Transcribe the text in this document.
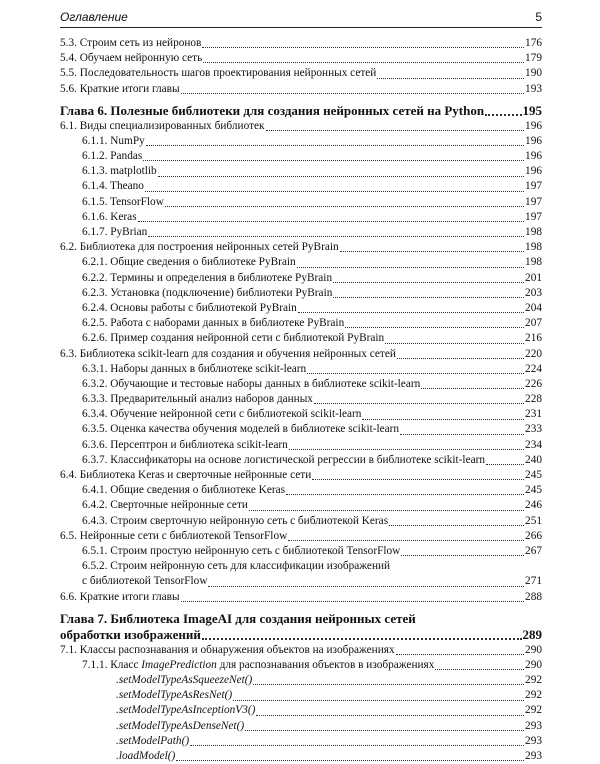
Оглавление	5
5.3. Строим сеть из нейронов	176
5.4. Обучаем нейронную сеть	179
5.5. Последовательность шагов проектирования нейронных сетей	190
5.6. Краткие итоги главы	193
Глава 6. Полезные библиотеки для создания нейронных сетей на Python	195
6.1. Виды специализированных библиотек	196
6.1.1. NumPy	196
6.1.2. Pandas	196
6.1.3. matplotlib	196
6.1.4. Theano	197
6.1.5. TensorFlow	197
6.1.6. Keras	197
6.1.7. PyBrian	198
6.2. Библиотека для построения нейронных сетей PyBrain	198
6.2.1. Общие сведения о библиотеке PyBrain	198
6.2.2. Термины и определения в библиотеке PyBrain	201
6.2.3. Установка (подключение) библиотеки PyBrain	203
6.2.4. Основы работы с библиотекой PyBrain	204
6.2.5. Работа с наборами данных в библиотеке PyBrain	207
6.2.6. Пример создания нейронной сети с библиотекой PyBrain	216
6.3. Библиотека scikit-learn для создания и обучения нейронных сетей	220
6.3.1. Наборы данных в библиотеке scikit-learn	224
6.3.2. Обучающие и тестовые наборы данных в библиотеке scikit-learn	226
6.3.3. Предварительный анализ наборов данных	228
6.3.4. Обучение нейронной сети с библиотекой scikit-learn	231
6.3.5. Оценка качества обучения моделей в библиотеке scikit-learn	233
6.3.6. Персептрон и библиотека scikit-learn	234
6.3.7. Классификаторы на основе логистической регрессии в библиотеке scikit-learn	240
6.4. Библиотека Keras и сверточные нейронные сети	245
6.4.1. Общие сведения о библиотеке Keras	245
6.4.2. Сверточные нейронные сети	246
6.4.3. Строим сверточную нейронную сеть с библиотекой Keras	251
6.5. Нейронные сети с библиотекой TensorFlow	266
6.5.1. Строим простую нейронную сеть с библиотекой TensorFlow	267
6.5.2. Строим нейронную сеть для классификации изображений
с библиотекой TensorFlow	271
6.6. Краткие итоги главы	288
Глава 7. Библиотека ImageAI для создания нейронных сетей
обработки изображений	289
7.1. Классы распознавания и обнаружения объектов на изображениях	290
7.1.1. Класс ImagePrediction для распознавания объектов в изображениях	290
.setModelTypeAsSqueezeNet()	292
.setModelTypeAsResNet()	292
.setModelTypeAsInceptionV3()	292
.setModelTypeAsDenseNet()	293
.setModelPath()	293
.loadModel()	293
